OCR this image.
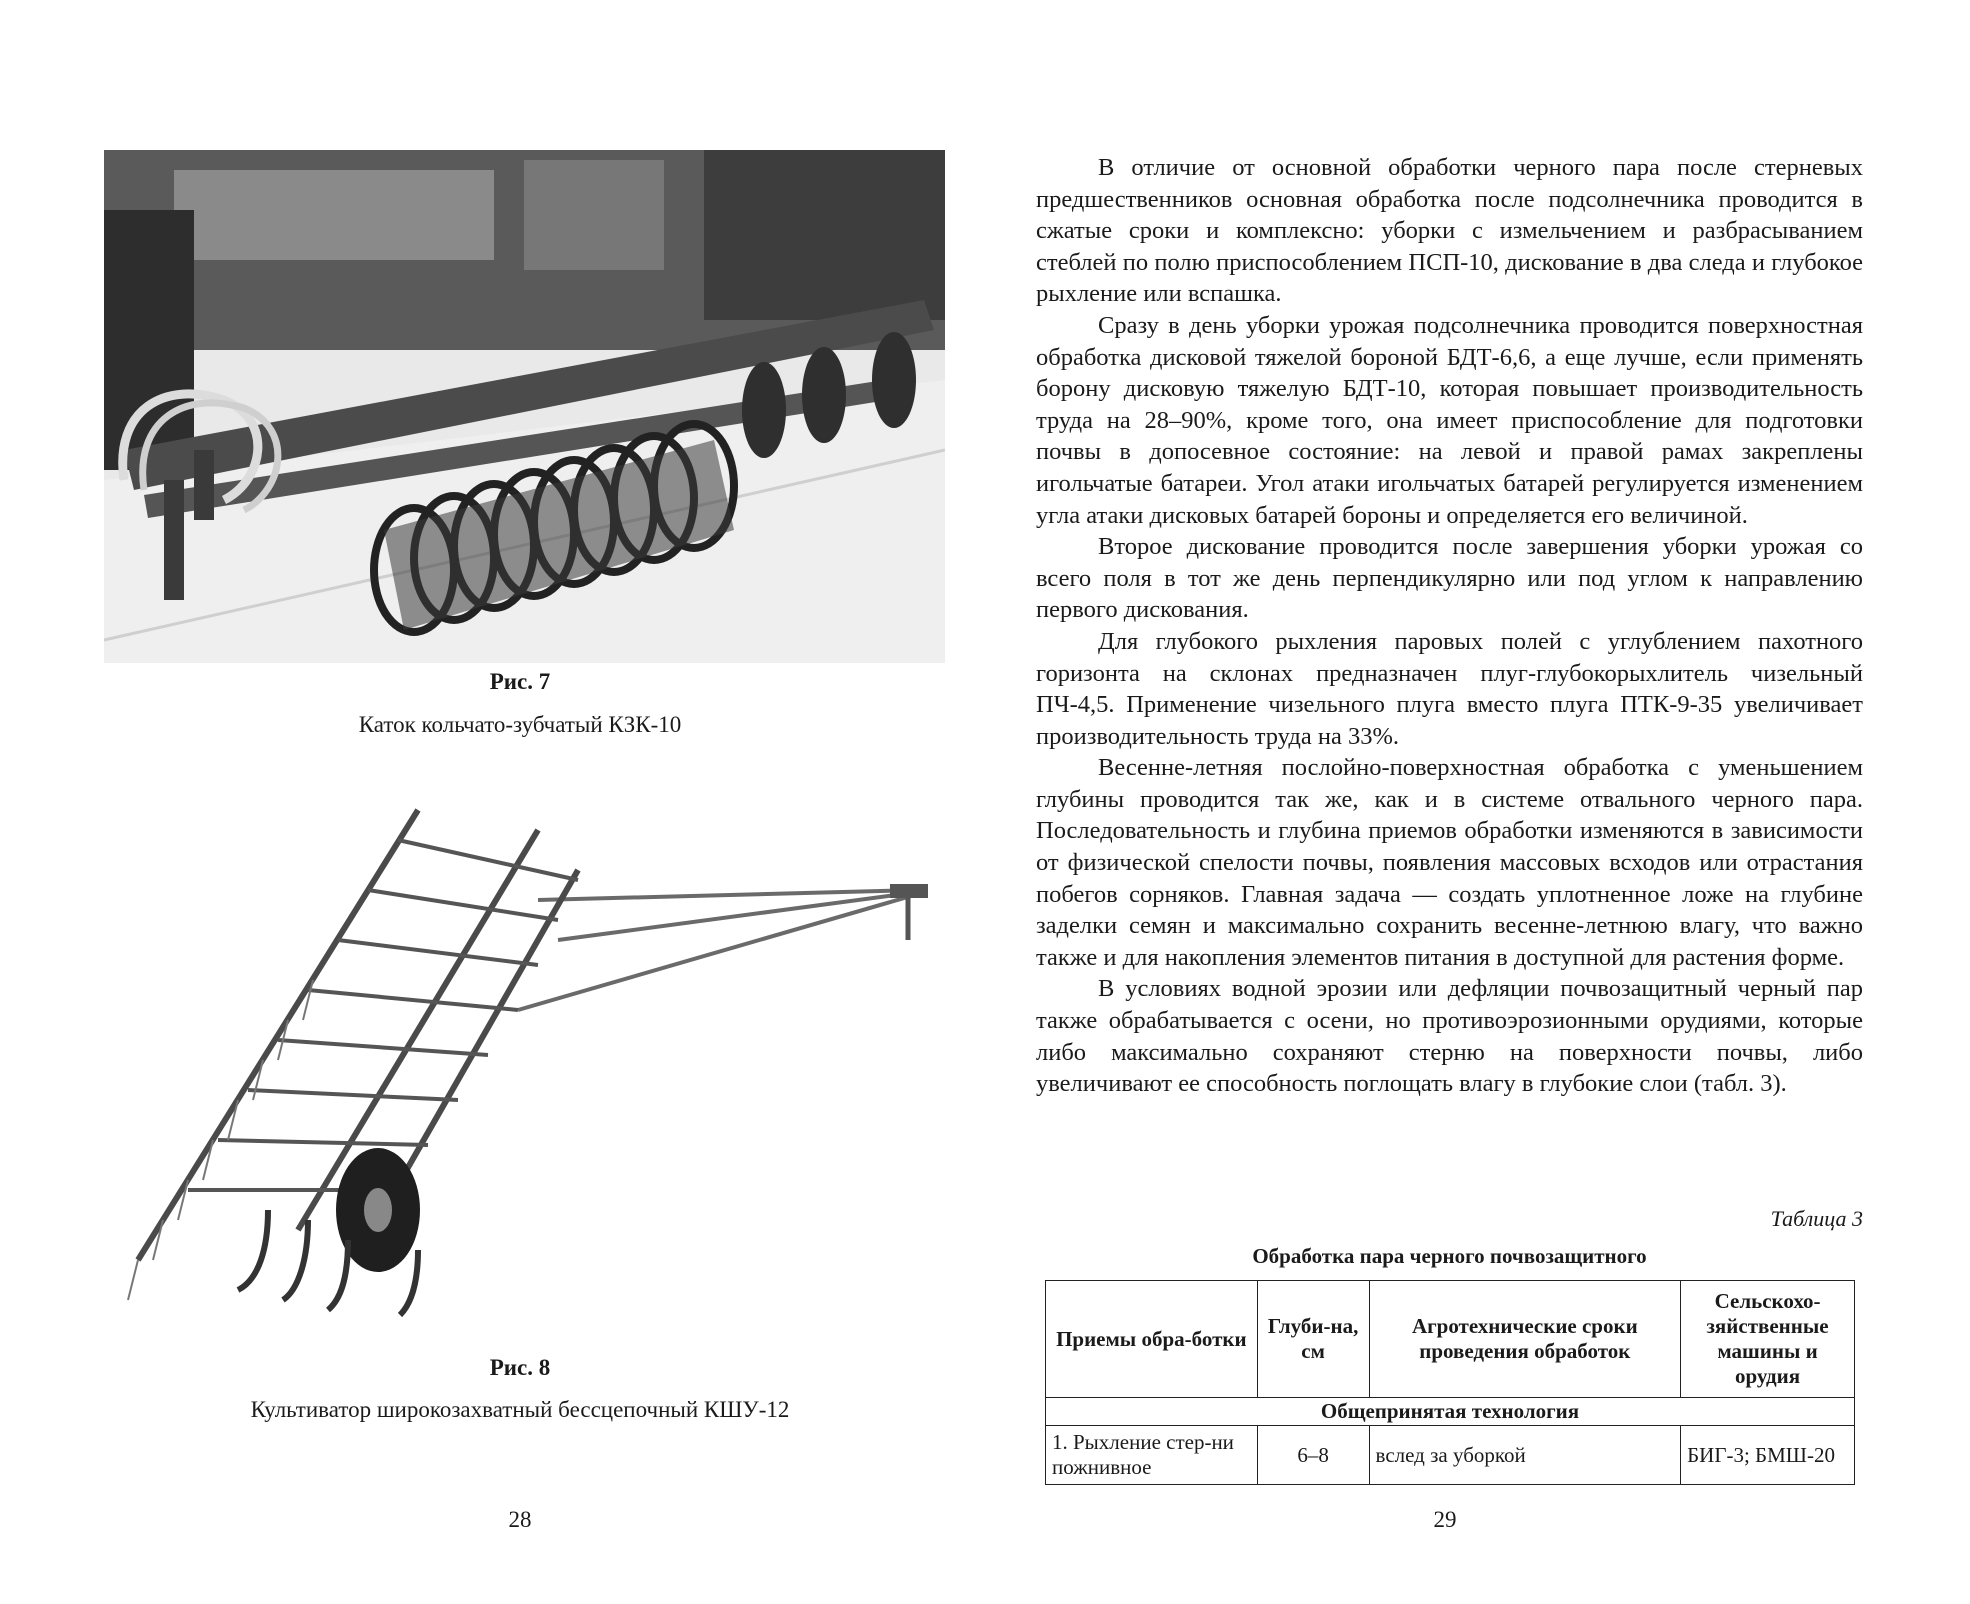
Рис. 7
Каток кольчато-зубчатый КЗК-10
Рис. 8
Культиватор широкозахватный бессцепочный КШУ-12
28

В отличие от основной обработки черного пара после стерневых предшественников основная обработка после подсолнечника проводится в сжатые сроки и комплексно: уборки с измельчением и разбрасыванием стеблей по полю приспособлением ПСП-10, дискование в два следа и глубокое рыхление или вспашка.

Сразу в день уборки урожая подсолнечника проводится поверхностная обработка дисковой тяжелой бороной БДТ-6,6, а еще лучше, если применять борону дисковую тяжелую БДТ-10, которая повышает производительность труда на 28–90%, кроме того, она имеет приспособление для подготовки почвы в допосевное состояние: на левой и правой рамах закреплены игольчатые батареи. Угол атаки игольчатых батарей регулируется изменением угла атаки дисковых батарей бороны и определяется его величиной.

Второе дискование проводится после завершения уборки урожая со всего поля в тот же день перпендикулярно или под углом к направлению первого дискования.

Для глубокого рыхления паровых полей с углублением пахотного горизонта на склонах предназначен плуг-глубокорыхлитель чизельный ПЧ-4,5. Применение чизельного плуга вместо плуга ПТК-9-35 увеличивает производительность труда на 33%.

Весенне-летняя послойно-поверхностная обработка с уменьшением глубины проводится так же, как и в системе отвального черного пара. Последовательность и глубина приемов обработки изменяются в зависимости от физической спелости почвы, появления массовых всходов или отрастания побегов сорняков. Главная задача — создать уплотненное ложе на глубине заделки семян и максимально сохранить весенне-летнюю влагу, что важно также и для накопления элементов питания в доступной для растения форме.

В условиях водной эрозии или дефляции почвозащитный черный пар также обрабатывается с осени, но противоэрозионными орудиями, которые либо максимально сохраняют стерню на поверхности почвы, либо увеличивают ее способность поглощать влагу в глубокие слои (табл. 3).

Таблица 3
Обработка пара черного почвозащитного
Приемы обра-ботки	Глуби-на, см	Агротехнические сроки проведения обработок	Сельскохо-зяйственные машины и орудия
Общепринятая технология			
1. Рыхление стер-ни пожнивное	6–8	вслед за уборкой	БИГ-3; БМШ-20
29
